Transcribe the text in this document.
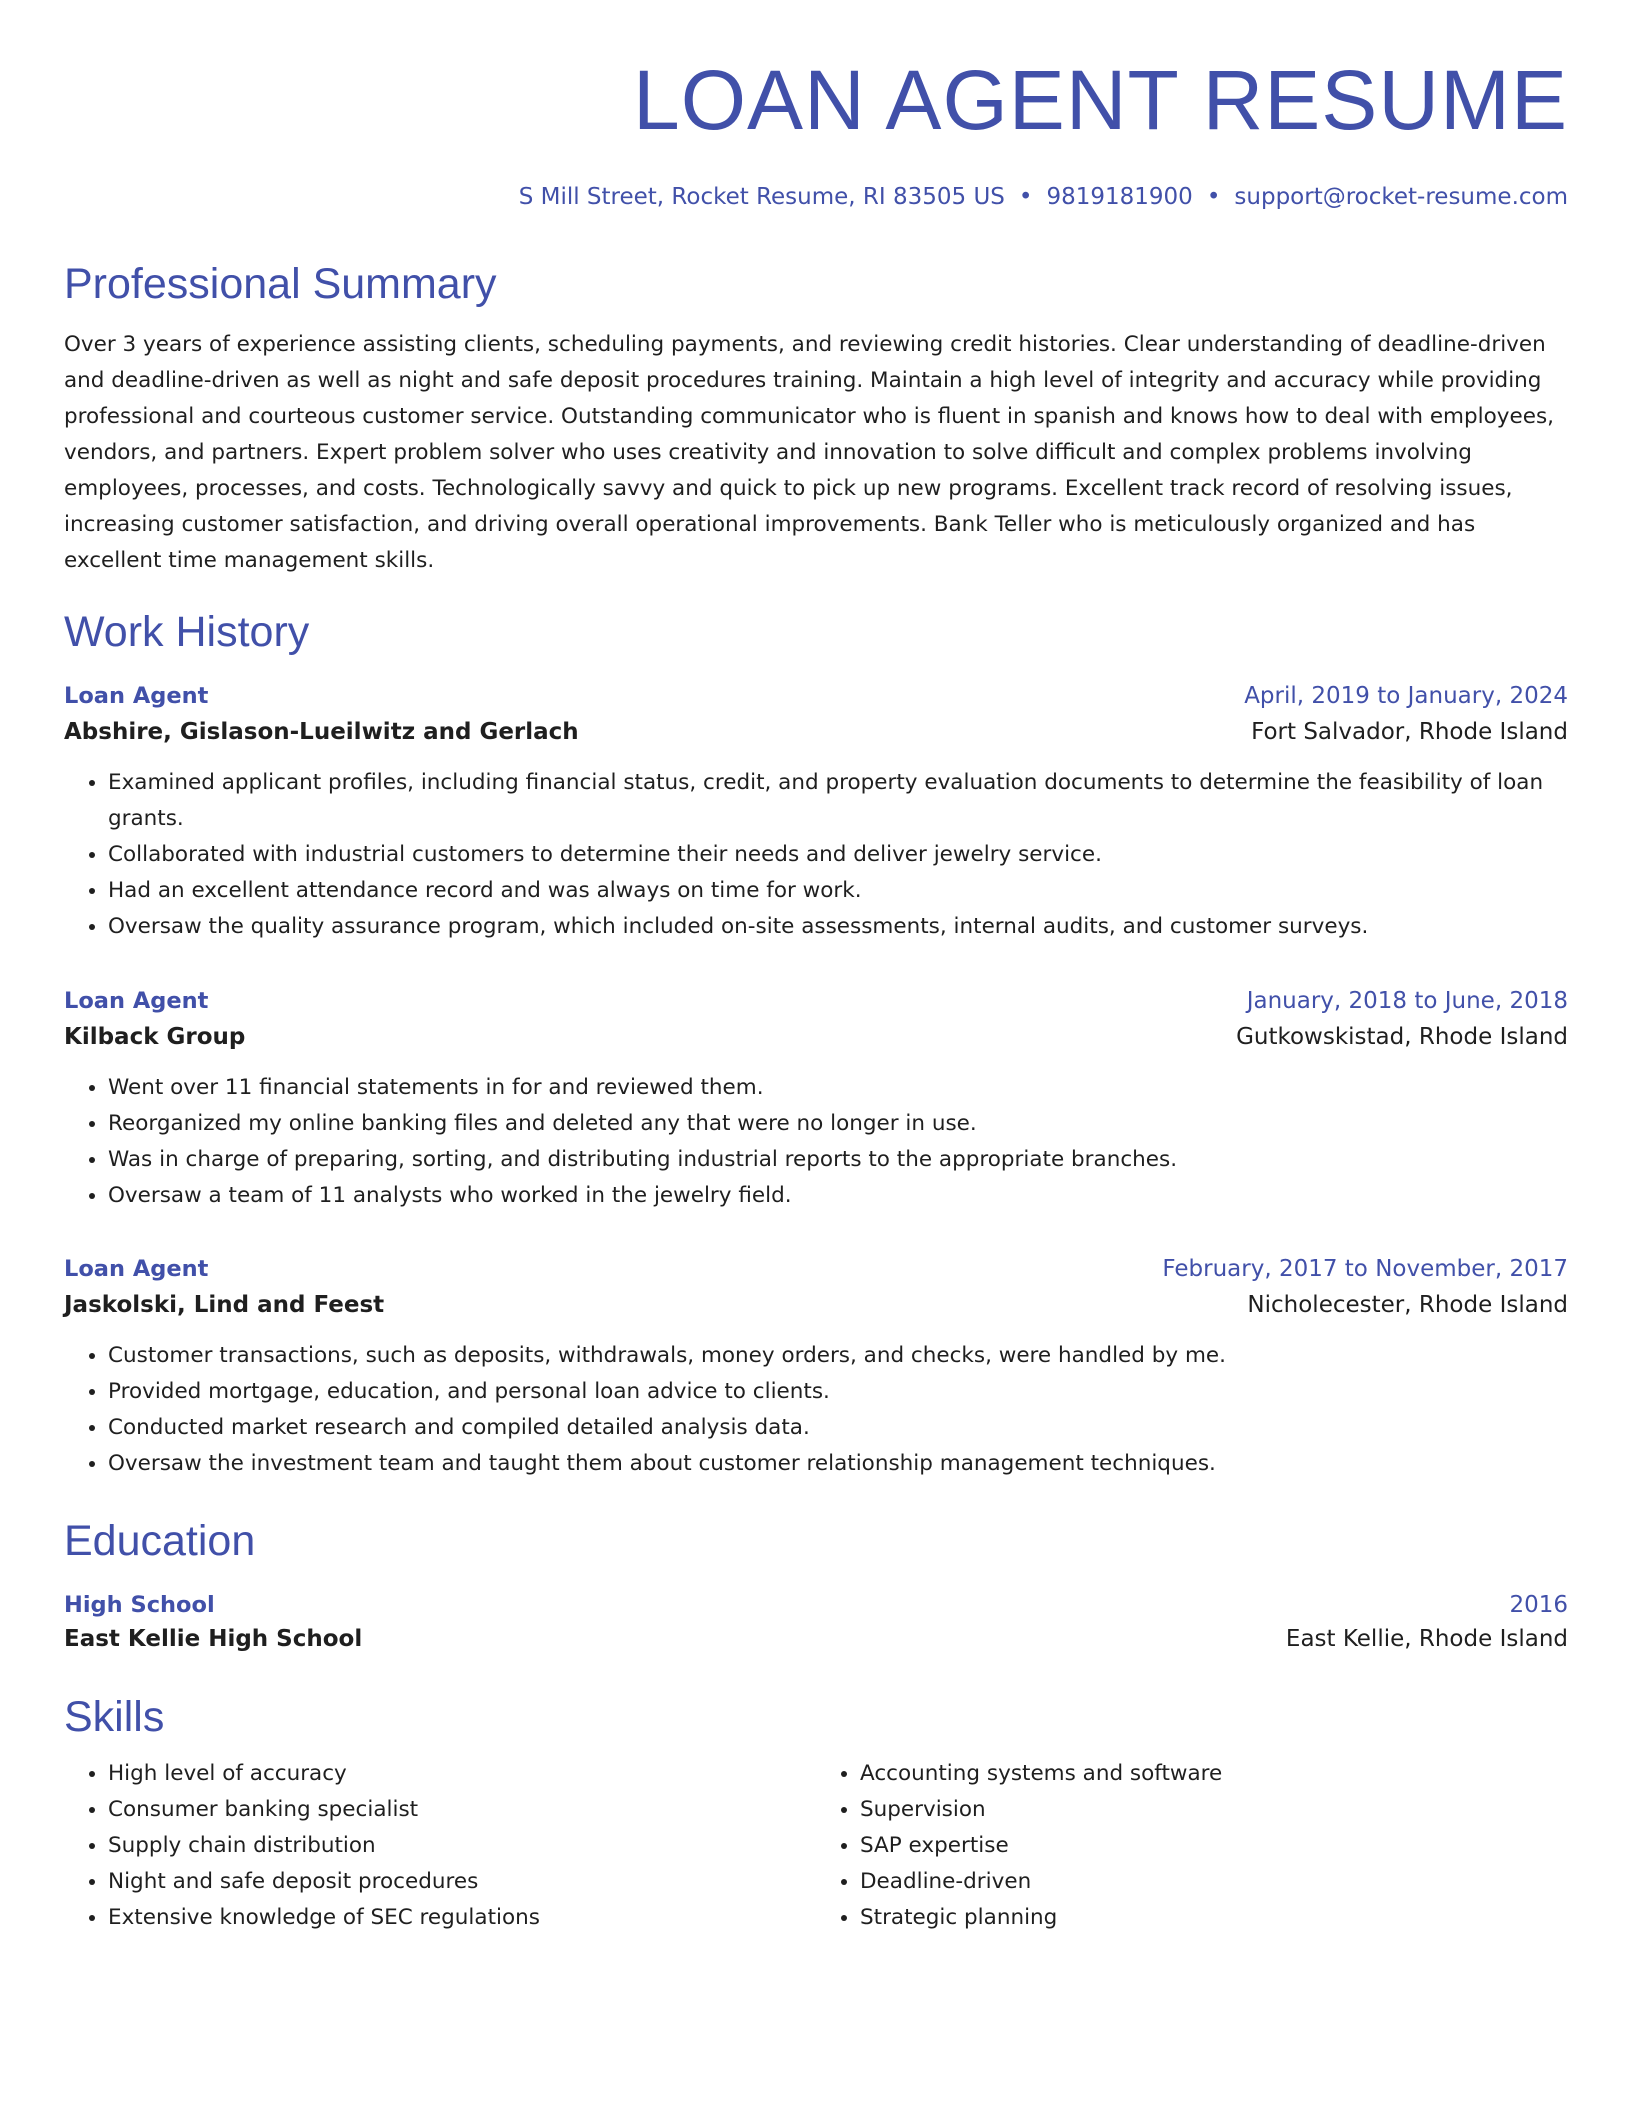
LOAN AGENT RESUME
S Mill Street, Rocket Resume, RI 83505 US • 9819181900 • support@rocket-resume.com
Professional Summary

Over 3 years of experience assisting clients, scheduling payments, and reviewing credit histories. Clear understanding of deadline-driven and deadline-driven as well as night and safe deposit procedures training. Maintain a high level of integrity and accuracy while providing professional and courteous customer service. Outstanding communicator who is fluent in spanish and knows how to deal with employees, vendors, and partners. Expert problem solver who uses creativity and innovation to solve difficult and complex problems involving employees, processes, and costs. Technologically savvy and quick to pick up new programs. Excellent track record of resolving issues, increasing customer satisfaction, and driving overall operational improvements. Bank Teller who is meticulously organized and has excellent time management skills.

Work History
Loan Agent	April, 2019 to January, 2024
Abshire, Gislason-Lueilwitz and Gerlach	Fort Salvador, Rhode Island
• Examined applicant profiles, including financial status, credit, and property evaluation documents to determine the feasibility of loan grants.
• Collaborated with industrial customers to determine their needs and deliver jewelry service.
• Had an excellent attendance record and was always on time for work.
• Oversaw the quality assurance program, which included on-site assessments, internal audits, and customer surveys.
Loan Agent	January, 2018 to June, 2018
Kilback Group	Gutkowskistad, Rhode Island
• Went over 11 financial statements in for and reviewed them.
• Reorganized my online banking files and deleted any that were no longer in use.
• Was in charge of preparing, sorting, and distributing industrial reports to the appropriate branches.
• Oversaw a team of 11 analysts who worked in the jewelry field.
Loan Agent	February, 2017 to November, 2017
Jaskolski, Lind and Feest	Nicholecester, Rhode Island
• Customer transactions, such as deposits, withdrawals, money orders, and checks, were handled by me.
• Provided mortgage, education, and personal loan advice to clients.
• Conducted market research and compiled detailed analysis data.
• Oversaw the investment team and taught them about customer relationship management techniques.
Education
High School	2016
East Kellie High School	East Kellie, Rhode Island
Skills
• High level of accuracy
• Consumer banking specialist
• Supply chain distribution
• Night and safe deposit procedures
• Extensive knowledge of SEC regulations
• Accounting systems and software
• Supervision
• SAP expertise
• Deadline-driven
• Strategic planning
